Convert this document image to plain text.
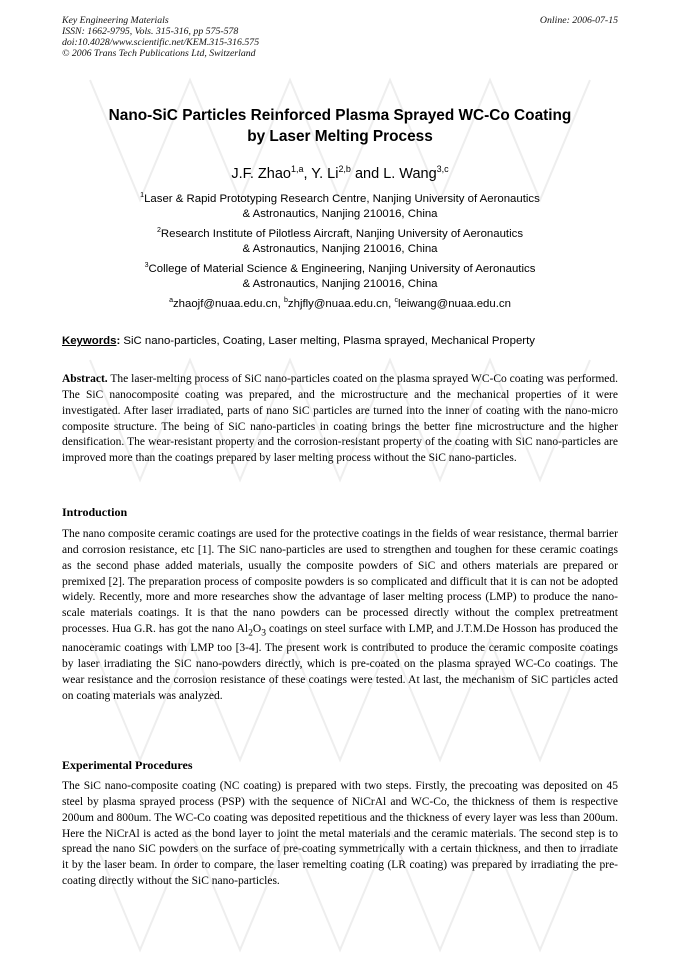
Key Engineering Materials	Online: 2006-07-15
ISSN: 1662-9795, Vols. 315-316, pp 575-578
doi:10.4028/www.scientific.net/KEM.315-316.575
© 2006 Trans Tech Publications Ltd, Switzerland
Nano-SiC Particles Reinforced Plasma Sprayed WC-Co Coating
by Laser Melting Process
J.F. Zhao$^{1,a}$, Y. Li$^{2,b}$ and L. Wang$^{3,c}$
$^1$Laser & Rapid Prototyping Research Centre, Nanjing University of Aeronautics
& Astronautics, Nanjing 210016, China
$^2$Research Institute of Pilotless Aircraft, Nanjing University of Aeronautics
& Astronautics, Nanjing 210016, China
$^3$College of Material Science & Engineering, Nanjing University of Aeronautics
& Astronautics, Nanjing 210016, China
$^a$zhaojf@nuaa.edu.cn, $^b$zhjfly@nuaa.edu.cn, $^c$leiwang@nuaa.edu.cn
Keywords: SiC nano-particles, Coating, Laser melting, Plasma sprayed, Mechanical Property
Abstract. The laser-melting process of SiC nano-particles coated on the plasma sprayed WC-Co coating was performed. The SiC nanocomposite coating was prepared, and the microstructure and the mechanical properties of it were investigated. After laser irradiated, parts of nano SiC particles are turned into the inner of coating with the nano-micro composite structure. The being of SiC nano-particles in coating brings the better fine microstructure and the higher densification. The wear-resistant property and the corrosion-resistant property of the coating with SiC nano-particles are improved more than the coatings prepared by laser melting process without the SiC nano-particles.
Introduction
The nano composite ceramic coatings are used for the protective coatings in the fields of wear resistance, thermal barrier and corrosion resistance, etc [1]. The SiC nano-particles are used to strengthen and toughen for these ceramic coatings as the second phase added materials, usually the composite powders of SiC and others materials are prepared or premixed [2]. The preparation process of composite powders is so complicated and difficult that it is can not be adopted widely. Recently, more and more researches show the advantage of laser melting process (LMP) to produce the nano-scale materials coatings. It is that the nano powders can be processed directly without the complex pretreatment processes. Hua G.R. has got the nano $Al_2O_3$ coatings on steel surface with LMP, and J.T.M.De Hosson has produced the nanoceramic coatings with LMP too [3-4]. The present work is contributed to produce the ceramic composite coatings by laser irradiating the SiC nano-powders directly, which is pre-coated on the plasma sprayed WC-Co coatings. The wear resistance and the corrosion resistance of these coatings were tested. At last, the mechanism of SiC particles acted on coating materials was analyzed.
Experimental Procedures
The SiC nano-composite coating (NC coating) is prepared with two steps. Firstly, the precoating was deposited on 45 steel by plasma sprayed process (PSP) with the sequence of NiCrAl and WC-Co, the thickness of them is respective 200um and 800um. The WC-Co coating was deposited repetitious and the thickness of every layer was less than 200um. Here the NiCrAl is acted as the bond layer to joint the metal materials and the ceramic materials. The second step is to spread the nano SiC powders on the surface of pre-coating symmetrically with a certain thickness, and then to irradiate it by the laser beam. In order to compare, the laser remelting coating (LR coating) was prepared by irradiating the pre-coating directly without the SiC nano-particles.
